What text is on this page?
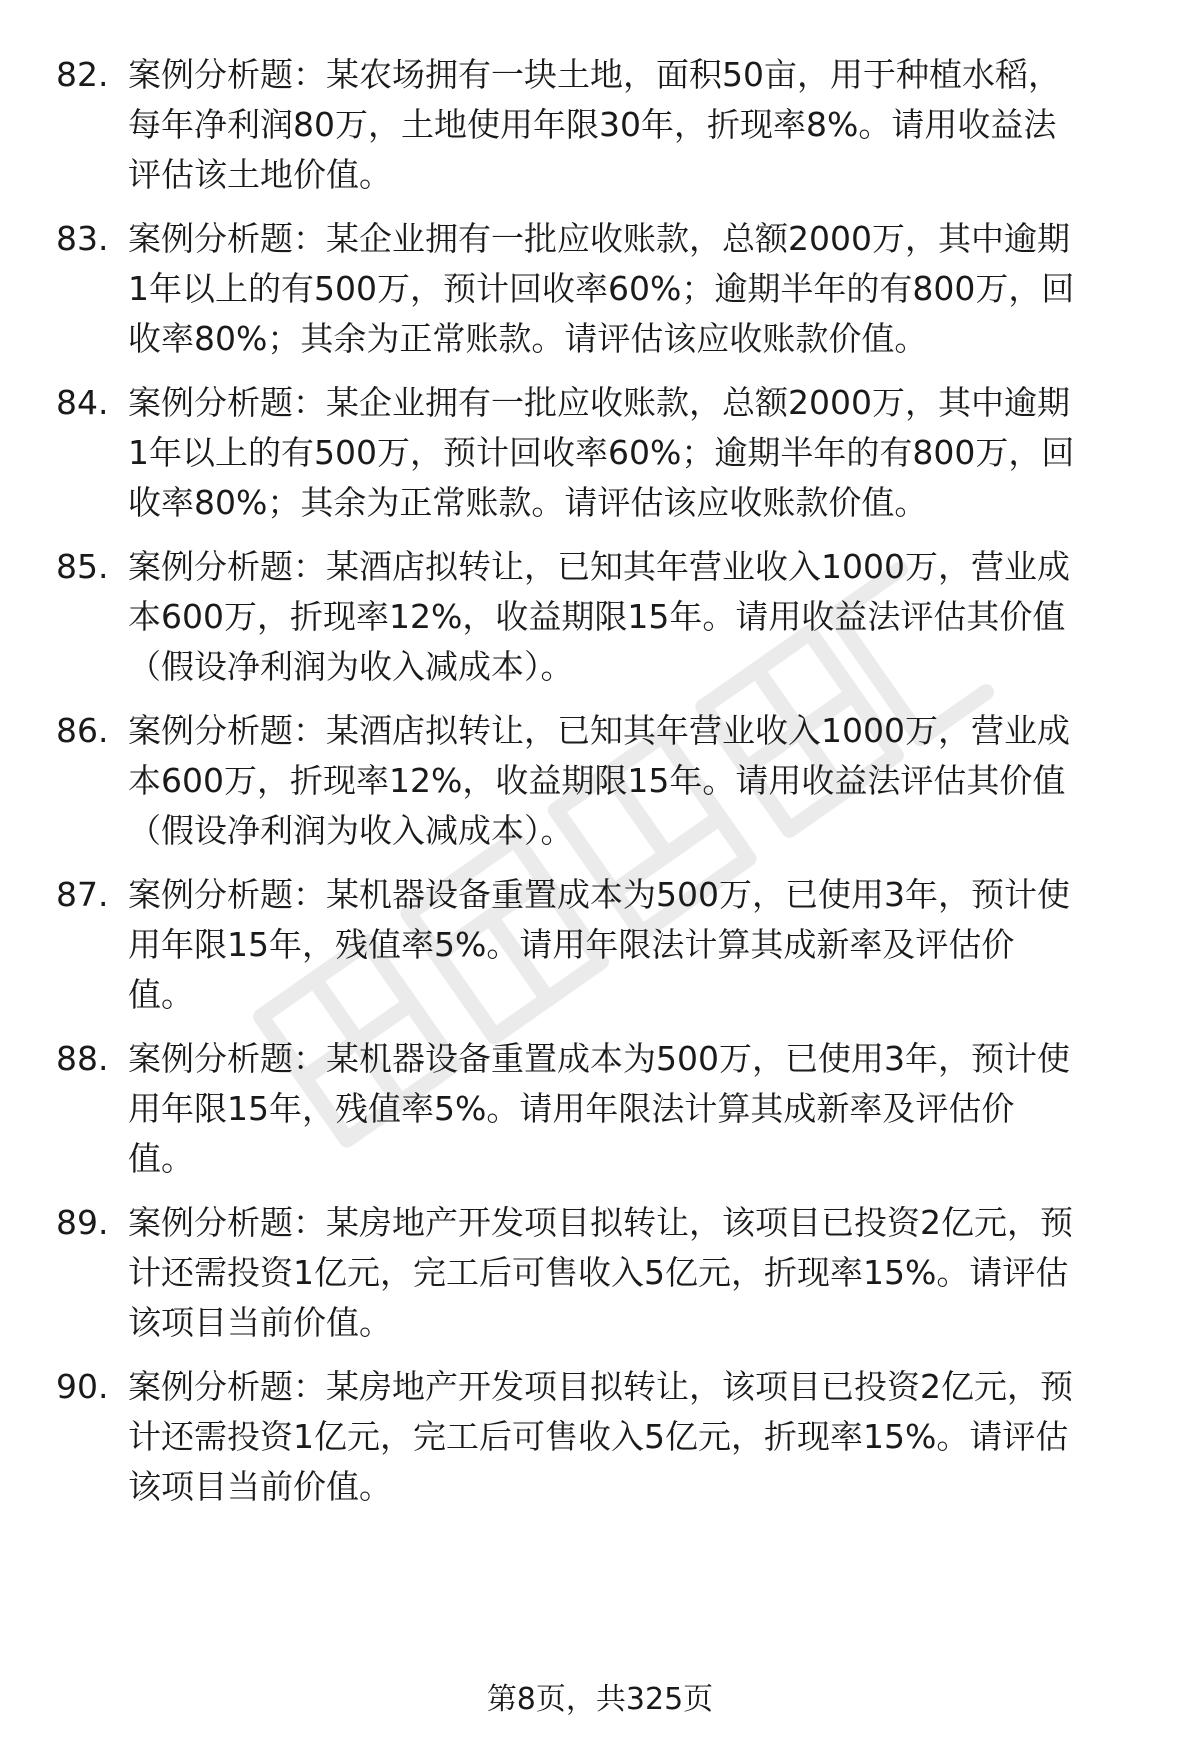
82. 案例分析题：某农场拥有一块土地，面积50亩，用于种植水稻，
每年净利润80万，土地使用年限30年，折现率8%。请用收益法
评估该土地价值。
83. 案例分析题：某企业拥有一批应收账款，总额2000万，其中逾期
1年以上的有500万，预计回收率60%；逾期半年的有800万，回
收率80%；其余为正常账款。请评估该应收账款价值。
84. 案例分析题：某企业拥有一批应收账款，总额2000万，其中逾期
1年以上的有500万，预计回收率60%；逾期半年的有800万，回
收率80%；其余为正常账款。请评估该应收账款价值。
85. 案例分析题：某酒店拟转让，已知其年营业收入1000万，营业成
本600万，折现率12%，收益期限15年。请用收益法评估其价值
（假设净利润为收入减成本）。
86. 案例分析题：某酒店拟转让，已知其年营业收入1000万，营业成
本600万，折现率12%，收益期限15年。请用收益法评估其价值
（假设净利润为收入减成本）。
87. 案例分析题：某机器设备重置成本为500万，已使用3年，预计使
用年限15年，残值率5%。请用年限法计算其成新率及评估价
值。
88. 案例分析题：某机器设备重置成本为500万，已使用3年，预计使
用年限15年，残值率5%。请用年限法计算其成新率及评估价
值。
89. 案例分析题：某房地产开发项目拟转让，该项目已投资2亿元，预
计还需投资1亿元，完工后可售收入5亿元，折现率15%。请评估
该项目当前价值。
90. 案例分析题：某房地产开发项目拟转让，该项目已投资2亿元，预
计还需投资1亿元，完工后可售收入5亿元，折现率15%。请评估
该项目当前价值。
第8页，共325页
